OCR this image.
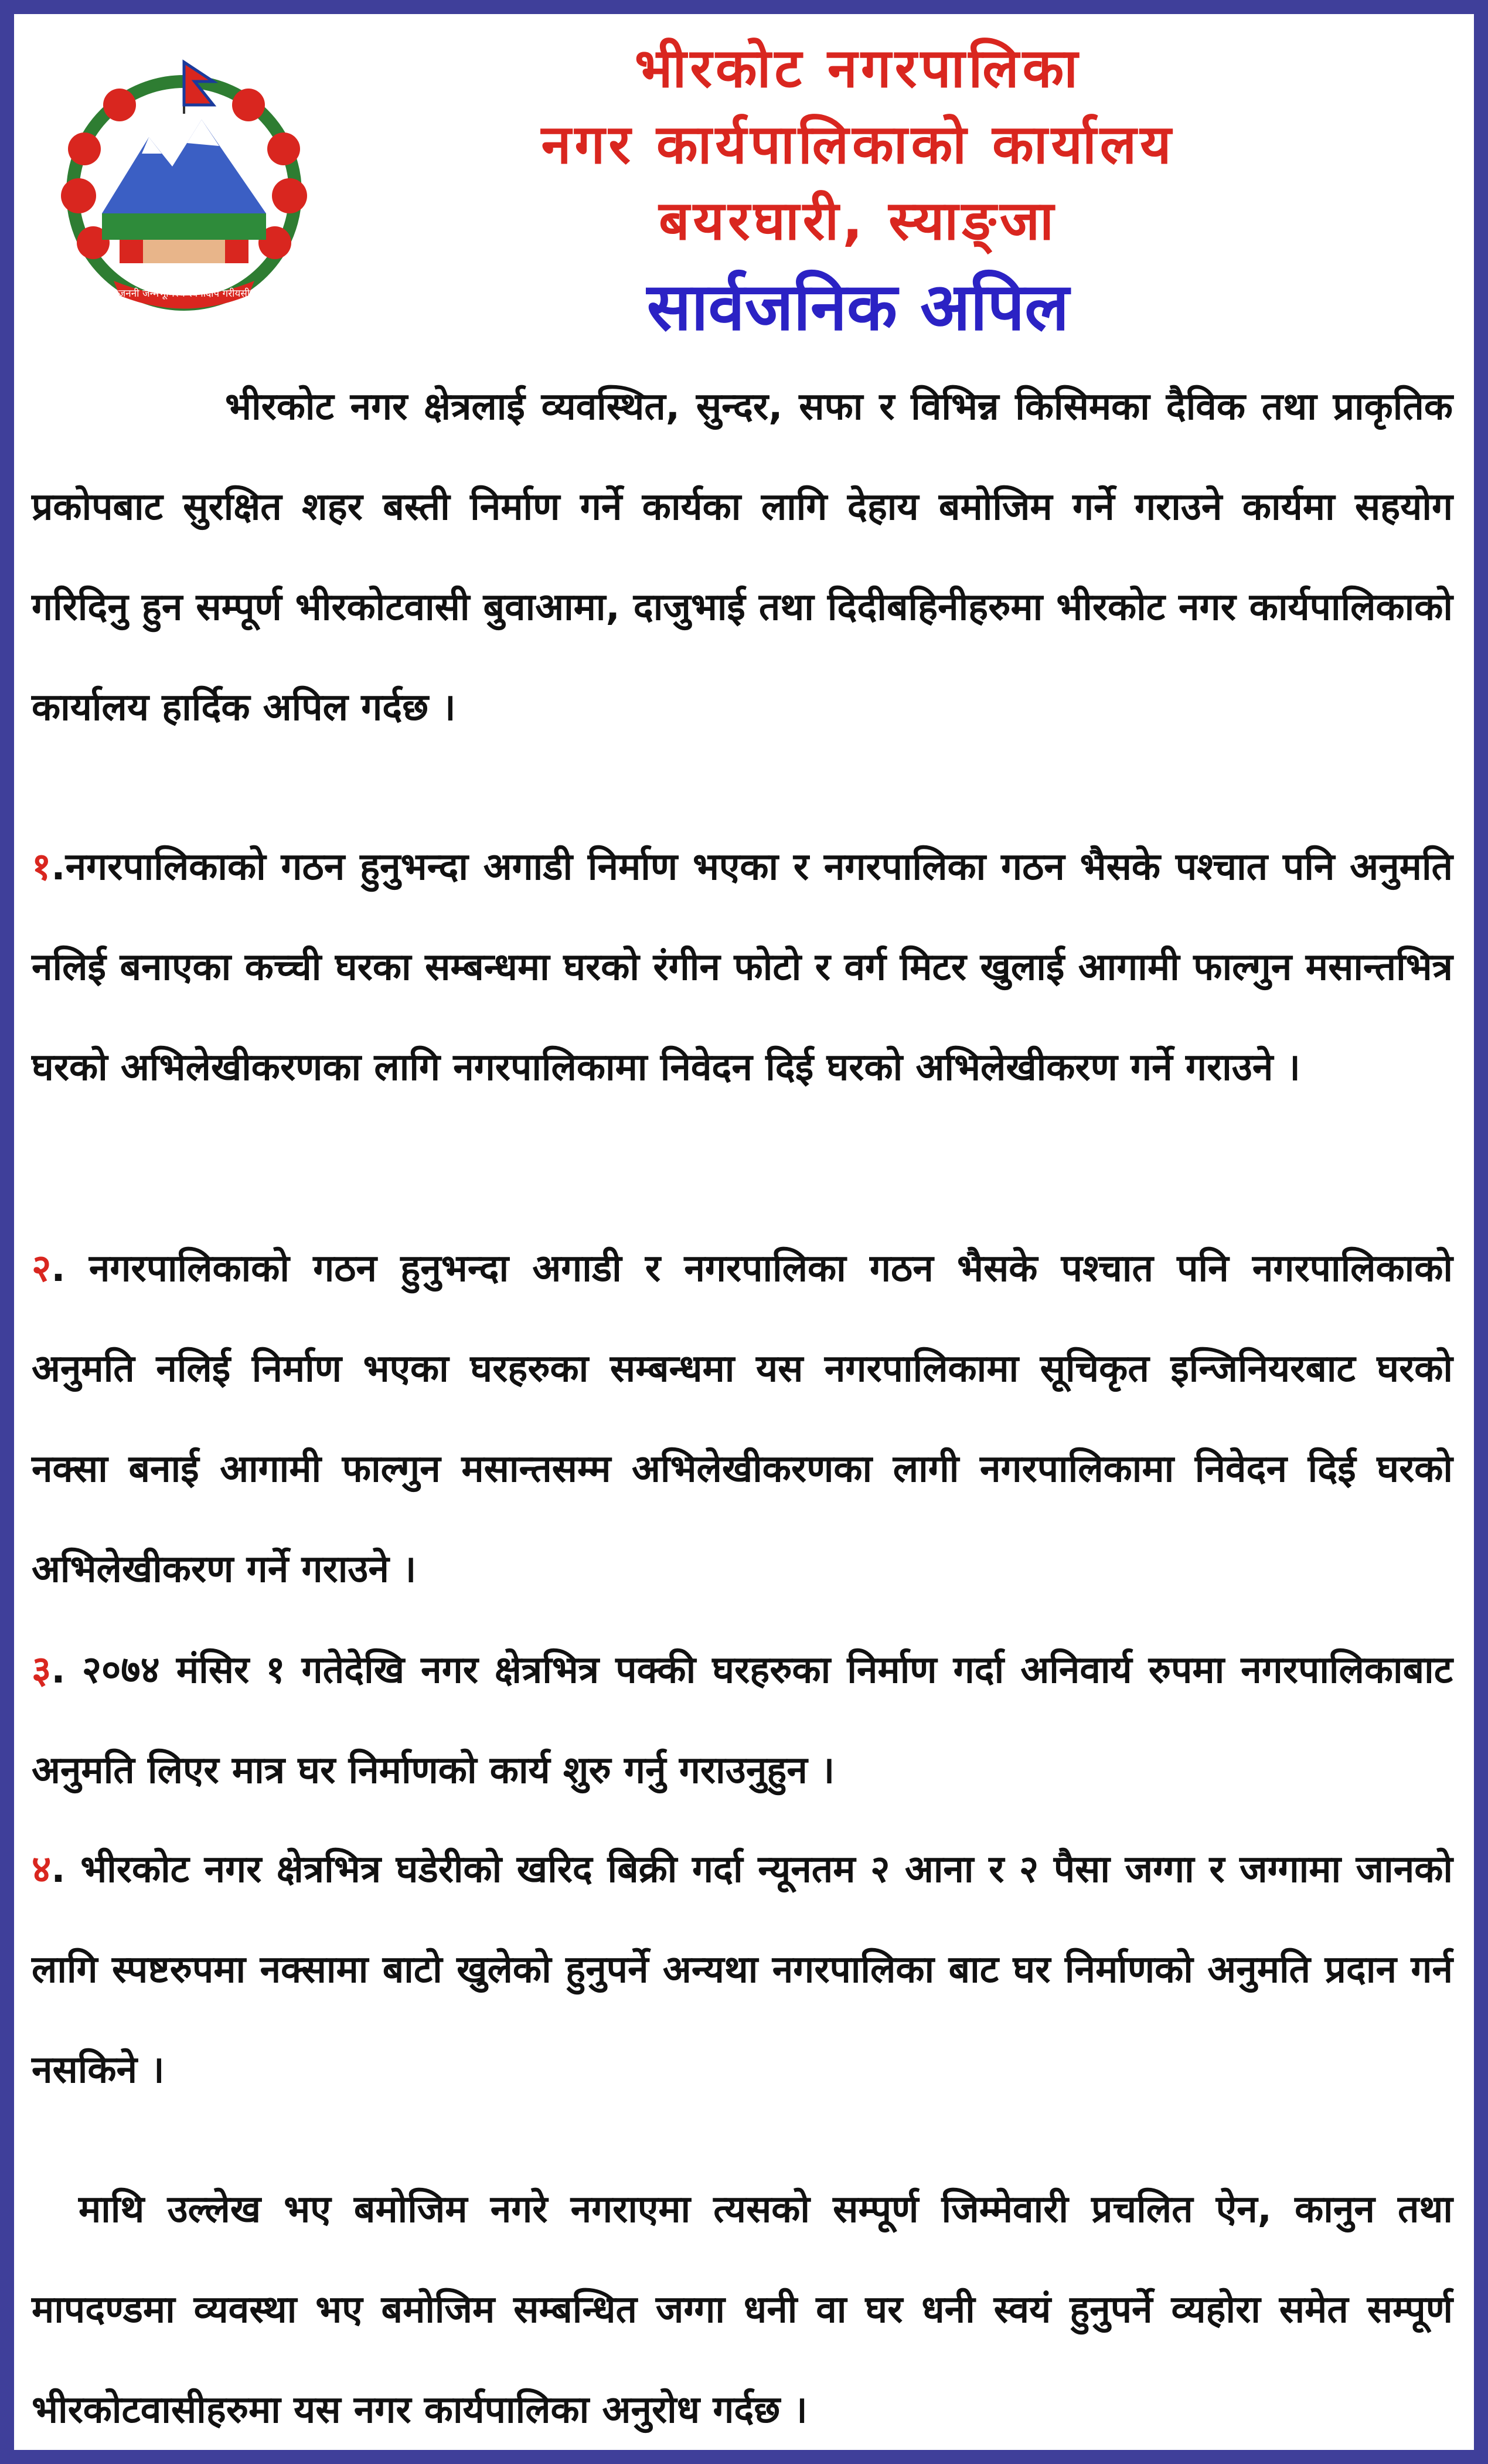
जननी जन्मभूमिश्च स्वर्गादपि गरीयसी
भीरकोट नगरपालिका
नगर कार्यपालिकाको कार्यालय
बयरघारी, स्याङ्जा
सार्वजनिक अपिल
भीरकोट नगर क्षेत्रलाई व्यवस्थित, सुन्दर, सफा र विभिन्न किसिमका दैविक तथा प्राकृतिक प्रकोपबाट सुरक्षित शहर बस्ती निर्माण गर्ने कार्यका लागि देहाय बमोजिम गर्ने गराउने कार्यमा सहयोग गरिदिनु हुन सम्पूर्ण भीरकोटवासी बुवाआमा, दाजुभाई तथा दिदीबहिनीहरुमा भीरकोट नगर कार्यपालिकाको कार्यालय हार्दिक अपिल गर्दछ ।
१.नगरपालिकाको गठन हुनुभन्दा अगाडी निर्माण भएका र नगरपालिका गठन भैसके पश्चात पनि अनुमति नलिई बनाएका कच्ची घरका सम्बन्धमा घरको रंगीन फोटो र वर्ग मिटर खुलाई आगामी फाल्गुन मसान्तभित्र घरको अभिलेखीकरणका लागि नगरपालिकामा निवेदन दिई घरको अभिलेखीकरण गर्ने गराउने ।
२. नगरपालिकाको गठन हुनुभन्दा अगाडी र नगरपालिका गठन भैसके पश्चात पनि नगरपालिकाको अनुमति नलिई निर्माण भएका घरहरुका सम्बन्धमा यस नगरपालिकामा सूचिकृत इन्जिनियरबाट घरको नक्सा बनाई आगामी फाल्गुन मसान्तसम्म अभिलेखीकरणका लागी नगरपालिकामा निवेदन दिई घरको अभिलेखीकरण गर्ने गराउने ।
३. २०७४ मंसिर १ गतेदेखि नगर क्षेत्रभित्र पक्की घरहरुका निर्माण गर्दा अनिवार्य रुपमा नगरपालिकाबाट अनुमति लिएर मात्र घर निर्माणको कार्य शुरु गर्नु गराउनुहुन ।
४. भीरकोट नगर क्षेत्रभित्र घडेरीको खरिद बिक्री गर्दा न्यूनतम २ आना र २ पैसा जग्गा र जग्गामा जानको लागि स्पष्टरुपमा नक्सामा बाटो खुलेको हुनुपर्ने अन्यथा नगरपालिका बाट घर निर्माणको अनुमति प्रदान गर्न नसकिने ।
माथि उल्लेख भए बमोजिम नगरे नगराएमा त्यसको सम्पूर्ण जिम्मेवारी प्रचलित ऐन, कानुन तथा मापदण्डमा व्यवस्था भए बमोजिम सम्बन्धित जग्गा धनी वा घर धनी स्वयं हुनुपर्ने व्यहोरा समेत सम्पूर्ण भीरकोटवासीहरुमा यस नगर कार्यपालिका अनुरोध गर्दछ ।
